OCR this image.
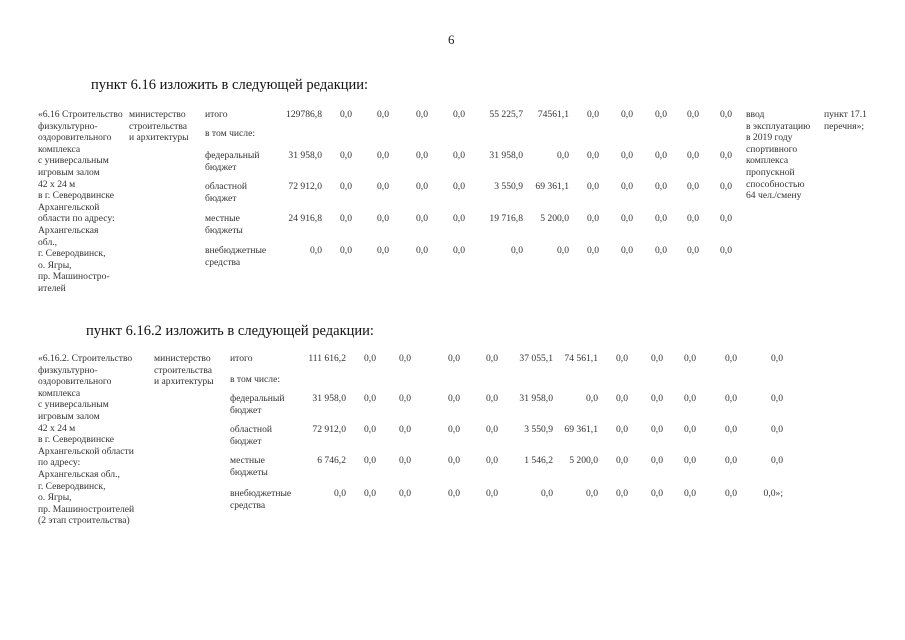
6
пункт 6.16 изложить в следующей редакции:
«6.16 Строительство
физкультурно-
оздоровительного
комплекса
с универсальным
игровым залом
42 х 24 м
в г. Северодвинске
Архангельской
области по адресу:
Архангельская
обл.,
г. Северодвинск,
о. Ягры,
пр. Машиностро-
ителей
министерство
строительства
и архитектуры
итого	129786,8	0,0	0,0	0,0	0,0	55 225,7	74561,1	0,0	0,0	0,0	0,0	0,0
в том числе:
федеральный
бюджет
31 958,0	0,0	0,0	0,0	0,0	31 958,0	0,0	0,0	0,0	0,0	0,0	0,0
областной
бюджет
72 912,0	0,0	0,0	0,0	0,0	3 550,9	69 361,1	0,0	0,0	0,0	0,0	0,0
местные
бюджеты
24 916,8	0,0	0,0	0,0	0,0	19 716,8	5 200,0	0,0	0,0	0,0	0,0	0,0
внебюджетные
средства
0,0	0,0	0,0	0,0	0,0	0,0	0,0	0,0	0,0	0,0	0,0	0,0
ввод
в эксплуатацию
в 2019 году
спортивного
комплекса
пропускной
способностью
64 чел./смену
пункт 17.1
перечня»;
пункт 6.16.2 изложить в следующей редакции:
«6.16.2. Строительство
физкультурно-
оздоровительного
комплекса
с универсальным
игровым залом
42 х 24 м
в г. Северодвинске
Архангельской области
по адресу:
Архангельская обл.,
г. Северодвинск,
о. Ягры,
пр. Машиностроителей
(2 этап строительства)
министерство
строительства
и архитектуры
итого	111 616,2	0,0	0,0	0,0	0,0	37 055,1	74 561,1	0,0	0,0	0,0	0,0	0,0
в том числе:
федеральный
бюджет
31 958,0	0,0	0,0	0,0	0,0	31 958,0	0,0	0,0	0,0	0,0	0,0	0,0
областной
бюджет
72 912,0	0,0	0,0	0,0	0,0	3 550,9	69 361,1	0,0	0,0	0,0	0,0	0,0
местные
бюджеты
6 746,2	0,0	0,0	0,0	0,0	1 546,2	5 200,0	0,0	0,0	0,0	0,0	0,0
внебюджетные
средства
0,0	0,0	0,0	0,0	0,0	0,0	0,0	0,0	0,0	0,0	0,0	0,0»;
